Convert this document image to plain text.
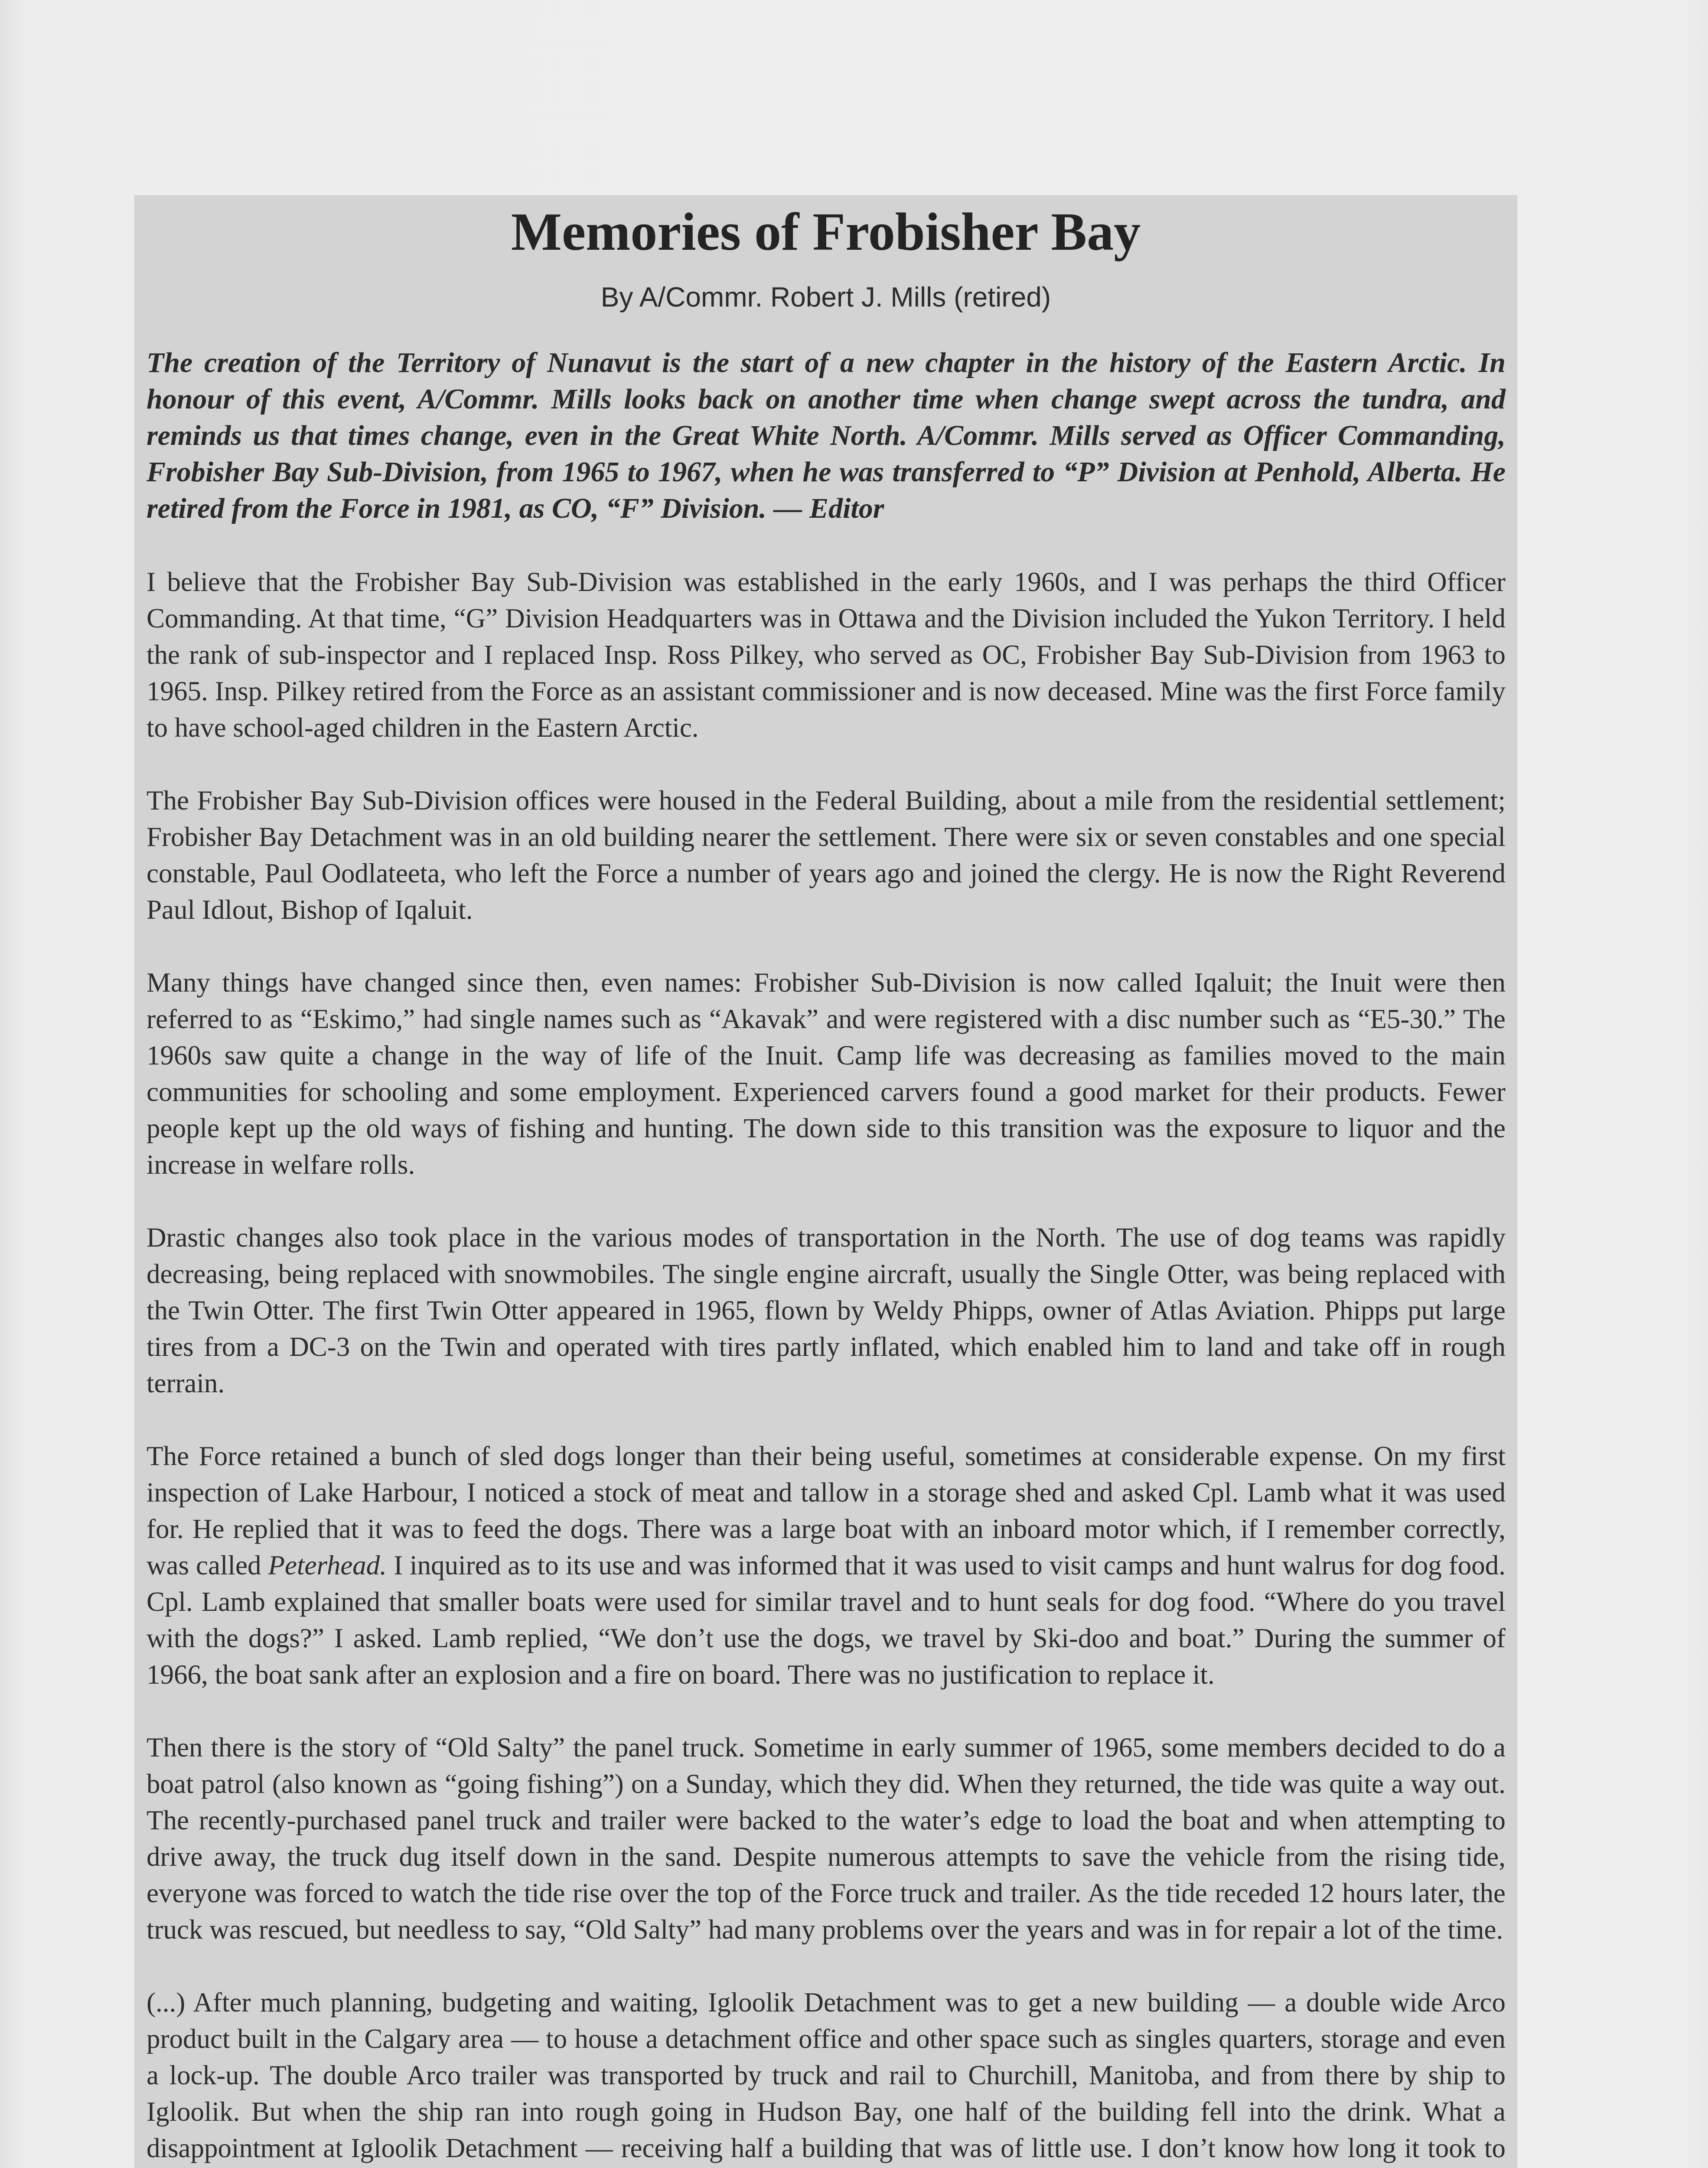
Memories of Frobisher Bay
By A/Commr. Robert J. Mills (retired)

The creation of the Territory of Nunavut is the start of a new chapter in the history of the Eastern Arctic. In honour of this event, A/Commr. Mills looks back on another time when change swept across the tundra, and reminds us that times change, even in the Great White North. A/Commr. Mills served as Officer Commanding, Frobisher Bay Sub-Division, from 1965 to 1967, when he was transferred to “P” Division at Penhold, Alberta. He retired from the Force in 1981, as CO, “F” Division. — Editor

I believe that the Frobisher Bay Sub-Division was established in the early 1960s, and I was perhaps the third Officer Commanding. At that time, “G” Division Headquarters was in Ottawa and the Division included the Yukon Territory. I held the rank of sub-inspector and I replaced Insp. Ross Pilkey, who served as OC, Frobisher Bay Sub-Division from 1963 to 1965. Insp. Pilkey retired from the Force as an assistant commissioner and is now deceased. Mine was the first Force family to have school-aged children in the Eastern Arctic.

The Frobisher Bay Sub-Division offices were housed in the Federal Building, about a mile from the residential settlement; Frobisher Bay Detachment was in an old building nearer the settlement. There were six or seven constables and one special constable, Paul Oodlateeta, who left the Force a number of years ago and joined the clergy. He is now the Right Reverend Paul Idlout, Bishop of Iqaluit.

Many things have changed since then, even names: Frobisher Sub-Division is now called Iqaluit; the Inuit were then referred to as “Eskimo,” had single names such as “Akavak” and were registered with a disc number such as “E5-30.” The 1960s saw quite a change in the way of life of the Inuit. Camp life was decreasing as families moved to the main communities for schooling and some employment. Experienced carvers found a good market for their products. Fewer people kept up the old ways of fishing and hunting. The down side to this transition was the exposure to liquor and the increase in welfare rolls.

Drastic changes also took place in the various modes of transportation in the North. The use of dog teams was rapidly decreasing, being replaced with snowmobiles. The single engine aircraft, usually the Single Otter, was being replaced with the Twin Otter. The first Twin Otter appeared in 1965, flown by Weldy Phipps, owner of Atlas Aviation. Phipps put large tires from a DC-3 on the Twin and operated with tires partly inflated, which enabled him to land and take off in rough terrain.

The Force retained a bunch of sled dogs longer than their being useful, sometimes at considerable expense. On my first inspection of Lake Harbour, I noticed a stock of meat and tallow in a storage shed and asked Cpl. Lamb what it was used for. He replied that it was to feed the dogs. There was a large boat with an inboard motor which, if I remember correctly, was called Peterhead. I inquired as to its use and was informed that it was used to visit camps and hunt walrus for dog food. Cpl. Lamb explained that smaller boats were used for similar travel and to hunt seals for dog food. “Where do you travel with the dogs?” I asked. Lamb replied, “We don’t use the dogs, we travel by Ski-doo and boat.” During the summer of 1966, the boat sank after an explosion and a fire on board. There was no justification to replace it.

Then there is the story of “Old Salty” the panel truck. Sometime in early summer of 1965, some members decided to do a boat patrol (also known as “going fishing”) on a Sunday, which they did. When they returned, the tide was quite a way out. The recently-purchased panel truck and trailer were backed to the water’s edge to load the boat and when attempting to drive away, the truck dug itself down in the sand. Despite numerous attempts to save the vehicle from the rising tide, everyone was forced to watch the tide rise over the top of the Force truck and trailer. As the tide receded 12 hours later, the truck was rescued, but needless to say, “Old Salty” had many problems over the years and was in for repair a lot of the time.

(...) After much planning, budgeting and waiting, Igloolik Detachment was to get a new building — a double wide Arco product built in the Calgary area — to house a detachment office and other space such as singles quarters, storage and even a lock-up. The double Arco trailer was transported by truck and rail to Churchill, Manitoba, and from there by ship to Igloolik. But when the ship ran into rough going in Hudson Bay, one half of the building fell into the drink. What a disappointment at Igloolik Detachment — receiving half a building that was of little use. I don’t know how long it took to
